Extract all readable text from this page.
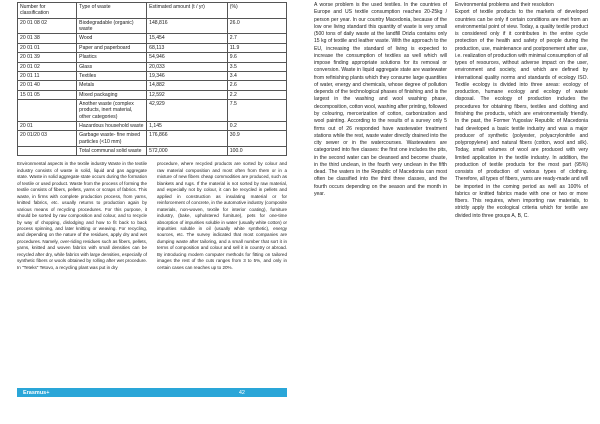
Number for classification	Type of waste	Estimated amount (t / yr)	(%)
20 01 08 02	Biodegradable (organic) waste	148,816	26.0
20 01 38	Wood	15,454	2.7
20 01 01	Paper and paperboard	68,113	11.9
20 01 39	Plastics	54,946	9.6
20 01 02	Glass	20,033	3.5
20 01 11	Textiles	19,346	3.4
20 01 40	Metals	14,882	2.6
15 01 05	Mixed packaging	12,592	2.2
	Another waste (complex products, inert material, other categories)	42,929	7.5
20 01	Hazardous household waste	1,145	0.2
20 01/20 03	Garbage waste- fine mixed particles (<10 mm)	176,866	30.9
	Total communal solid waste	572,000	100.0

Environmental aspects in the textile industry Waste in the textile industry consists of waste in solid, liquid and gas aggregate state. Waste in solid aggregate state occurs during the formation of textile or used product. Waste from the process of forming the textile consists of fibers, pellets, yarns or scraps of fabrics. This waste, in firms with complete production process, from yarns, knitted fabrics, etc. usually returns to production again by various means of recycling procedures. For this purpose, it should be sorted by raw composition and colour, and to recycle by way of chopping, dislodging and how to fit back to back process spinning, and later knitting or weaving. For recycling, and depending on the nature of the residues, apply dry and wet procedures. Namely, over-riding residues such as fibers, pellets, yarns, knitted and woven fabrics with small densities can be recycled after dry, while fabrics with large densities, especially of synthetic fibers or wools obtained by rolling after wet procedure. In "Teteks" Tetovo, a recycling plant was put in dry

procedure, where recycled products are sorted by colour and raw material composition and most often from them or in a mixture of new fibers cheap commodities are produced, such as blankets and rugs. If the material is not sorted by raw material, and especially not by colour, it can be recycled in pellets and applied in construction as insulating material or for reinforcement of concrete, in the automotive industry (composite materials, non-woven, textile for interior coating), furniture industry, (bake, upholstered furniture), pets for one-time absorption of impurities soluble in water (usually white cotton) or impurities soluble in oil (usually white synthetic), energy sources, etc. The survey indicated that most companies are dumping waste after tailoring, and a small number that sort it in terms of composition and colour and sell it in country or abroad. By introducing modern computer methods for fitting on tailored images the rest of the cuts ranges from 3 to 5%, and only in certain cases can reaches up to 20%.

Erasmus+	42

A worse problem is the used textiles. In the countries of Europe and US textile consumption reaches 20-25kg / person per year. In our country Macedonia, because of the low one living standard this quantity of waste is very small (500 tons of daily waste at the landfill Drizla contains only 15 kg of textile and leather waste. With the approach to the EU, increasing the standard of living is expected to increase the consumption of textiles as well which will impose finding appropriate solutions for its removal or conversion. Waste in liquid aggregate state are wastewater from refinishing plants which they consume large quantities of water, energy and chemicals, whose degree of pollution depends of the technological phases of finishing and is the largest in the washing and wool washing phase, decomposition, cotton wool, washing after printing, followed by colouring, mercerization of cotton, carbonization and wool painting. According to the results of a survey only 5 firms out of 26 responded have wastewater treatment stations while the rest, waste water directly drained into the city sewer or in the watercourses. Wastewaters are categorized into five classes: the first one includes the pits, in the second water can be cleansed and become chaste, in the third unclean, in the fourth very unclean in the fifth dead. The waters in the Republic of Macedonia can most often be classified into the third three classes, and the fourth occurs depending on the season and the month in year.

Environmental problems and their resolution

Export of textile products to the markets of developed countries can be only if certain conditions are met from an environmental point of view. Today, a quality textile product is considered only if it contributes in the entire cycle protection of the health and safety of people during the production, use, maintenance and postponement after use, i.e. realization of production with minimal consumption of all types of resources, without adverse impact on the user, environment and society, and which are defined by international quality norms and standards of ecology ISO. Textile ecology is divided into three areas: ecology of production, humane ecology and ecology of waste disposal. The ecology of production includes the procedures for obtaining fibers, textiles and clothing and finishing the products, which are environmentally friendly. In the past, the Former Yugoslav Republic of Macedonia had developed a basic textile industry and was a major producer of synthetic (polyester, polyacrylonitrile and polypropylene) and natural fibers (cotton, wool and silk). Today, small volumes of wool are produced with very limited application in the textile industry. In addition, the production of textile products for the most part (95%) consists of production of various types of clothing. Therefore, all types of fibers, yarns are ready-made and will be imported in the coming period as well as 100% of fabrics or knitted fabrics made with one or two or more fibers. This requires, when importing raw materials, to strictly apply the ecological criteria which for textile are divided into three groups A, B, C.
